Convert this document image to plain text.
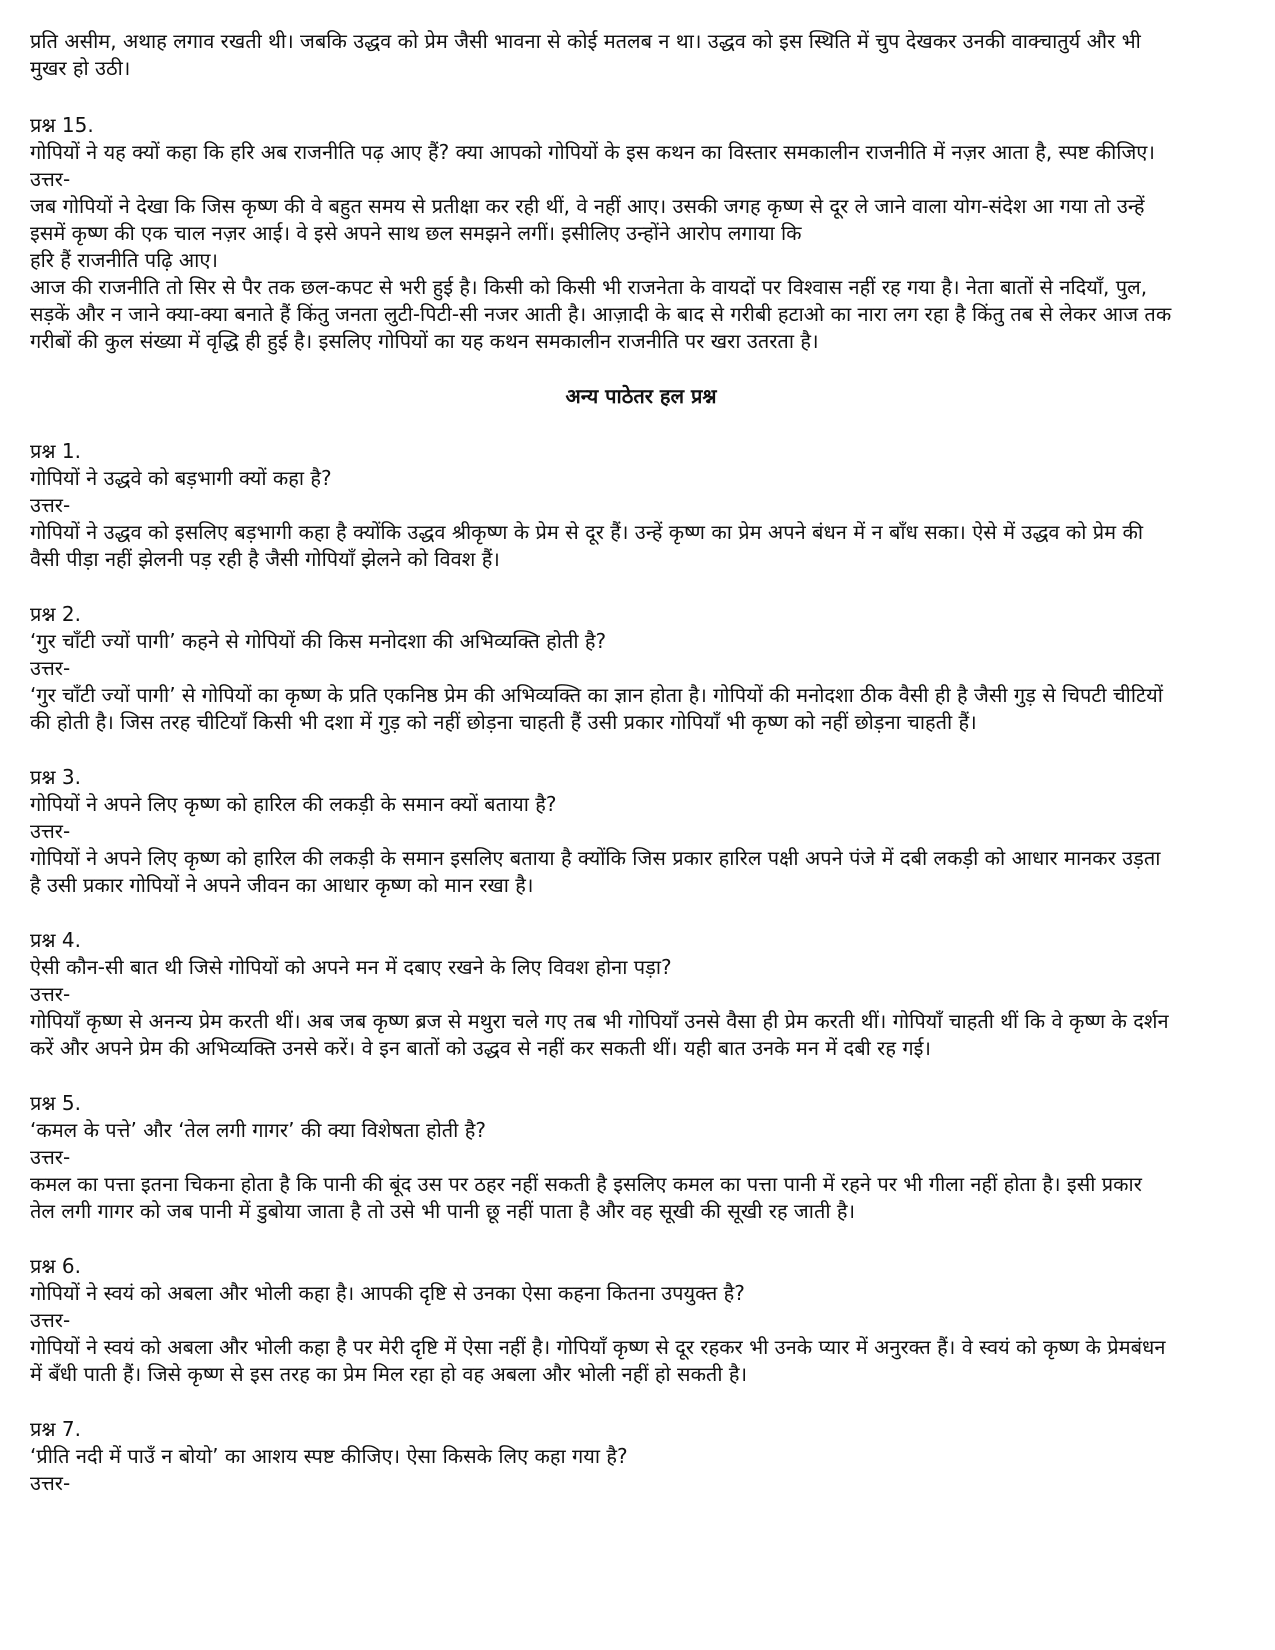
प्रति असीम, अथाह लगाव रखती थी। जबकि उद्धव को प्रेम जैसी भावना से कोई मतलब न था। उद्धव को इस स्थिति में चुप देखकर उनकी वाक्चातुर्य और भी
मुखर हो उठी।

प्रश्न 15.

गोपियों ने यह क्यों कहा कि हरि अब राजनीति पढ़ आए हैं? क्या आपको गोपियों के इस कथन का विस्तार समकालीन राजनीति में नज़र आता है, स्पष्ट कीजिए।

उत्तर-

जब गोपियों ने देखा कि जिस कृष्ण की वे बहुत समय से प्रतीक्षा कर रही थीं, वे नहीं आए। उसकी जगह कृष्ण से दूर ले जाने वाला योग-संदेश आ गया तो उन्हें
इसमें कृष्ण की एक चाल नज़र आई। वे इसे अपने साथ छल समझने लगीं। इसीलिए उन्होंने आरोप लगाया कि
हरि हैं राजनीति पढ़ि आए।

आज की राजनीति तो सिर से पैर तक छल-कपट से भरी हुई है। किसी को किसी भी राजनेता के वायदों पर विश्वास नहीं रह गया है। नेता बातों से नदियाँ, पुल,
सड़कें और न जाने क्या-क्या बनाते हैं किंतु जनता लुटी-पिटी-सी नजर आती है। आज़ादी के बाद से गरीबी हटाओ का नारा लग रहा है किंतु तब से लेकर आज तक
गरीबों की कुल संख्या में वृद्धि ही हुई है। इसलिए गोपियों का यह कथन समकालीन राजनीति पर खरा उतरता है।

अन्य पाठेतर हल प्रश्न

प्रश्न 1.

गोपियों ने उद्धवे को बड़भागी क्यों कहा है?

उत्तर-

गोपियों ने उद्धव को इसलिए बड़भागी कहा है क्योंकि उद्धव श्रीकृष्ण के प्रेम से दूर हैं। उन्हें कृष्ण का प्रेम अपने बंधन में न बाँध सका। ऐसे में उद्धव को प्रेम की
वैसी पीड़ा नहीं झेलनी पड़ रही है जैसी गोपियाँ झेलने को विवश हैं।

प्रश्न 2.

‘गुर चाँटी ज्यों पागी’ कहने से गोपियों की किस मनोदशा की अभिव्यक्ति होती है?

उत्तर-

‘गुर चाँटी ज्यों पागी’ से गोपियों का कृष्ण के प्रति एकनिष्ठ प्रेम की अभिव्यक्ति का ज्ञान होता है। गोपियों की मनोदशा ठीक वैसी ही है जैसी गुड़ से चिपटी चीटियों
की होती है। जिस तरह चीटियाँ किसी भी दशा में गुड़ को नहीं छोड़ना चाहती हैं उसी प्रकार गोपियाँ भी कृष्ण को नहीं छोड़ना चाहती हैं।

प्रश्न 3.

गोपियों ने अपने लिए कृष्ण को हारिल की लकड़ी के समान क्यों बताया है?

उत्तर-

गोपियों ने अपने लिए कृष्ण को हारिल की लकड़ी के समान इसलिए बताया है क्योंकि जिस प्रकार हारिल पक्षी अपने पंजे में दबी लकड़ी को आधार मानकर उड़ता
है उसी प्रकार गोपियों ने अपने जीवन का आधार कृष्ण को मान रखा है।

प्रश्न 4.

ऐसी कौन-सी बात थी जिसे गोपियों को अपने मन में दबाए रखने के लिए विवश होना पड़ा?

उत्तर-

गोपियाँ कृष्ण से अनन्य प्रेम करती थीं। अब जब कृष्ण ब्रज से मथुरा चले गए तब भी गोपियाँ उनसे वैसा ही प्रेम करती थीं। गोपियाँ चाहती थीं कि वे कृष्ण के दर्शन
करें और अपने प्रेम की अभिव्यक्ति उनसे करें। वे इन बातों को उद्धव से नहीं कर सकती थीं। यही बात उनके मन में दबी रह गई।

प्रश्न 5.

‘कमल के पत्ते’ और ‘तेल लगी गागर’ की क्या विशेषता होती है?

उत्तर-

कमल का पत्ता इतना चिकना होता है कि पानी की बूंद उस पर ठहर नहीं सकती है इसलिए कमल का पत्ता पानी में रहने पर भी गीला नहीं होता है। इसी प्रकार
तेल लगी गागर को जब पानी में डुबोया जाता है तो उसे भी पानी छू नहीं पाता है और वह सूखी की सूखी रह जाती है।

प्रश्न 6.

गोपियों ने स्वयं को अबला और भोली कहा है। आपकी दृष्टि से उनका ऐसा कहना कितना उपयुक्त है?

उत्तर-

गोपियों ने स्वयं को अबला और भोली कहा है पर मेरी दृष्टि में ऐसा नहीं है। गोपियाँ कृष्ण से दूर रहकर भी उनके प्यार में अनुरक्त हैं। वे स्वयं को कृष्ण के प्रेमबंधन
में बँधी पाती हैं। जिसे कृष्ण से इस तरह का प्रेम मिल रहा हो वह अबला और भोली नहीं हो सकती है।

प्रश्न 7.

‘प्रीति नदी में पाउँ न बोयो’ का आशय स्पष्ट कीजिए। ऐसा किसके लिए कहा गया है?

उत्तर-
